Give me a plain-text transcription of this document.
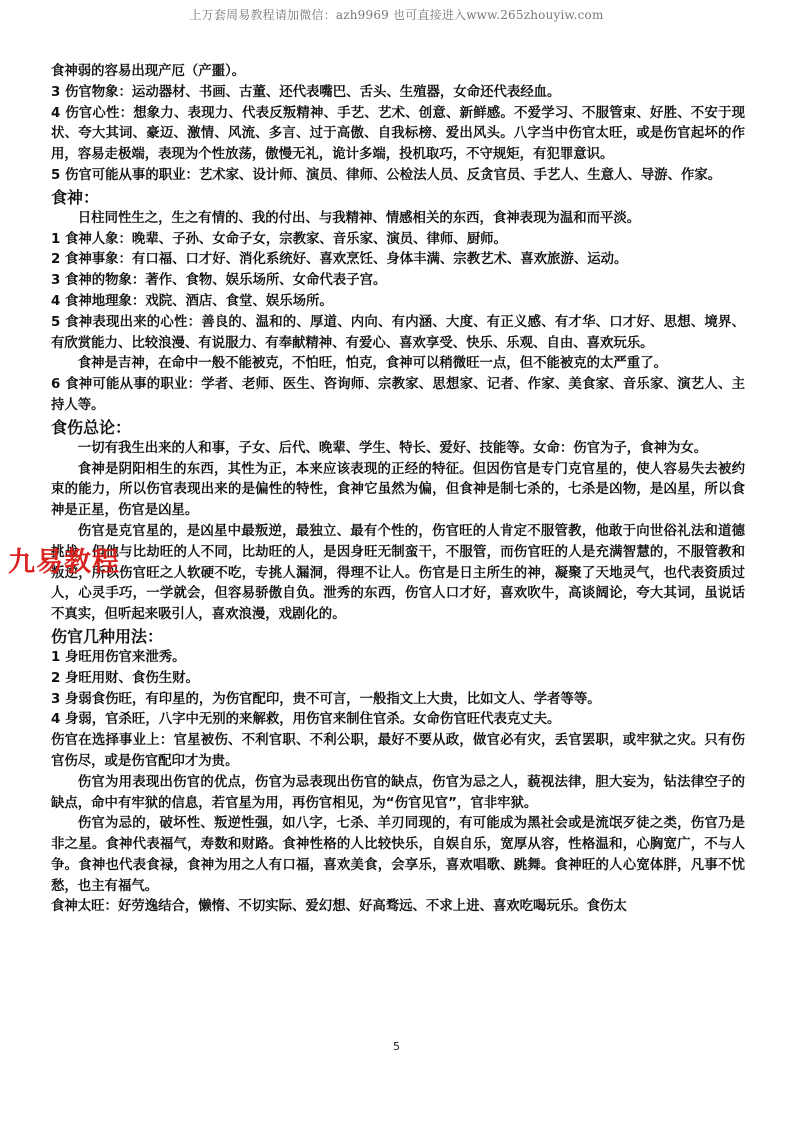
上万套周易教程请加微信：azh9969 也可直接进入www.265zhouyiw.com

食神弱的容易出现产厄（产噩）。

3 伤官物象：运动器材、书画、古董、还代表嘴巴、舌头、生殖器，女命还代表经血。

4 伤官心性：想象力、表现力、代表反叛精神、手艺、艺术、创意、新鲜感。不爱学习、不服管束、好胜、不安于现状、夸大其词、豪迈、激情、风流、多言、过于高傲、自我标榜、爱出风头。八字当中伤官太旺，或是伤官起坏的作用，容易走极端，表现为个性放荡，傲慢无礼，诡计多端，投机取巧，不守规矩，有犯罪意识。

5 伤官可能从事的职业：艺术家、设计师、演员、律师、公检法人员、反贪官员、手艺人、生意人、导游、作家。

食神：

日柱同性生之，生之有情的、我的付出、与我精神、情感相关的东西，食神表现为温和而平淡。

1 食神人象：晚辈、子孙、女命子女，宗教家、音乐家、演员、律师、厨师。

2 食神事象：有口福、口才好、消化系统好、喜欢烹饪、身体丰满、宗教艺术、喜欢旅游、运动。

3 食神的物象：著作、食物、娱乐场所、女命代表子宫。

4 食神地理象：戏院、酒店、食堂、娱乐场所。

5 食神表现出来的心性：善良的、温和的、厚道、内向、有内涵、大度、有正义感、有才华、口才好、思想、境界、有欣赏能力、比较浪漫、有说服力、有奉献精神、有爱心、喜欢享受、快乐、乐观、自由、喜欢玩乐。

食神是吉神，在命中一般不能被克，不怕旺，怕克，食神可以稍微旺一点，但不能被克的太严重了。

6 食神可能从事的职业：学者、老师、医生、咨询师、宗教家、思想家、记者、作家、美食家、音乐家、演艺人、主持人等。

食伤总论：

一切有我生出来的人和事，子女、后代、晚辈、学生、特长、爱好、技能等。女命：伤官为子，食神为女。

食神是阴阳相生的东西，其性为正，本来应该表现的正经的特征。但因伤官是专门克官星的，使人容易失去被约束的能力，所以伤官表现出来的是偏性的特性，食神它虽然为偏，但食神是制七杀的，七杀是凶物，是凶星，所以食神是正星，伤官是凶星。

伤官是克官星的，是凶星中最叛逆，最独立、最有个性的，伤官旺的人肯定不服管教，他敢于向世俗礼法和道德挑战，但他与比劫旺的人不同，比劫旺的人，是因身旺无制蛮干，不服管，而伤官旺的人是充满智慧的，不服管教和叛逆，所以伤官旺之人软硬不吃，专挑人漏洞，得理不让人。伤官是日主所生的神，凝聚了天地灵气，也代表资质过人，心灵手巧，一学就会，但容易骄傲自负。泄秀的东西，伤官人口才好，喜欢吹牛，高谈阔论，夸大其词，虽说话不真实，但听起来吸引人，喜欢浪漫，戏剧化的。

伤官几种用法：

1 身旺用伤官来泄秀。

2 身旺用财、食伤生财。

3 身弱食伤旺，有印星的，为伤官配印，贵不可言，一般指文上大贵，比如文人、学者等等。

4 身弱，官杀旺，八字中无别的来解救，用伤官来制住官杀。女命伤官旺代表克丈夫。

伤官在选择事业上：官星被伤、不利官职、不利公职，最好不要从政，做官必有灾，丢官罢职，或牢狱之灾。只有伤官伤尽，或是伤官配印才为贵。

伤官为用表现出伤官的优点，伤官为忌表现出伤官的缺点，伤官为忌之人，藐视法律，胆大妄为，钻法律空子的缺点，命中有牢狱的信息，若官星为用，再伤官相见，为“伤官见官”，官非牢狱。

伤官为忌的，破坏性、叛逆性强，如八字，七杀、羊刃同现的，有可能成为黑社会或是流氓歹徒之类，伤官乃是非之星。食神代表福气，寿数和财路。食神性格的人比较快乐，自娱自乐，宽厚从容，性格温和，心胸宽广，不与人争。食神也代表食禄，食神为用之人有口福，喜欢美食，会享乐，喜欢唱歌、跳舞。食神旺的人心宽体胖，凡事不忧愁，也主有福气。

食神太旺：好劳逸结合，懒惰、不切实际、爱幻想、好高骛远、不求上进、喜欢吃喝玩乐。食伤太

九易教程
5
